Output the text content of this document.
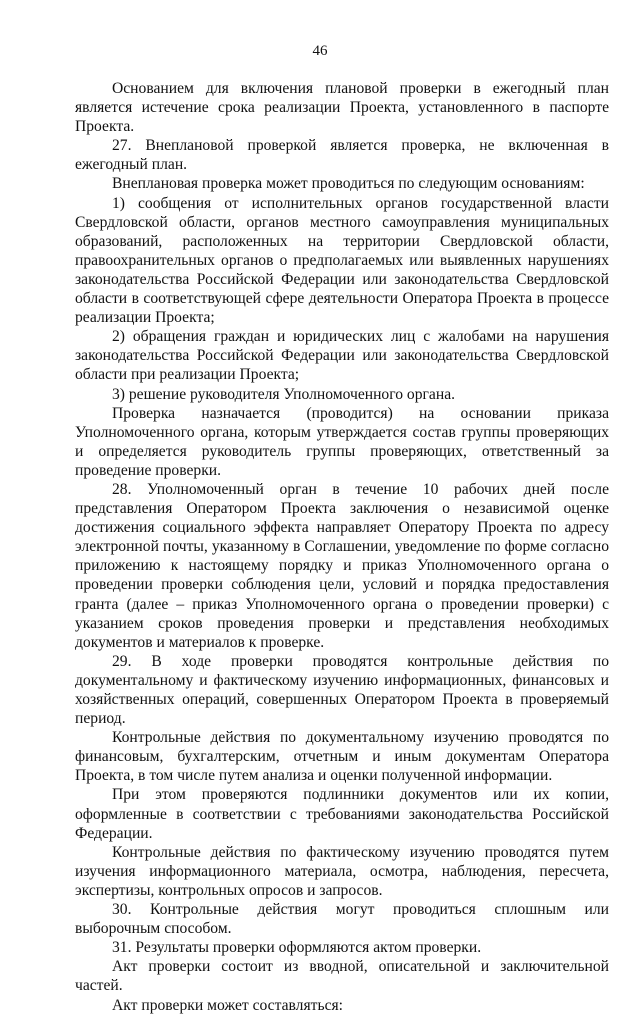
46

Основанием для включения плановой проверки в ежегодный план является истечение срока реализации Проекта, установленного в паспорте Проекта.

27. Внеплановой проверкой является проверка, не включенная в ежегодный план.

Внеплановая проверка может проводиться по следующим основаниям:

1) сообщения от исполнительных органов государственной власти Свердловской области, органов местного самоуправления муниципальных образований, расположенных на территории Свердловской области, правоохранительных органов о предполагаемых или выявленных нарушениях законодательства Российской Федерации или законодательства Свердловской области в соответствующей сфере деятельности Оператора Проекта в процессе реализации Проекта;

2) обращения граждан и юридических лиц с жалобами на нарушения законодательства Российской Федерации или законодательства Свердловской области при реализации Проекта;

3) решение руководителя Уполномоченного органа.

Проверка назначается (проводится) на основании приказа Уполномоченного органа, которым утверждается состав группы проверяющих и определяется руководитель группы проверяющих, ответственный за проведение проверки.

28. Уполномоченный орган в течение 10 рабочих дней после представления Оператором Проекта заключения о независимой оценке достижения социального эффекта направляет Оператору Проекта по адресу электронной почты, указанному в Соглашении, уведомление по форме согласно приложению к настоящему порядку и приказ Уполномоченного органа о проведении проверки соблюдения цели, условий и порядка предоставления гранта (далее – приказ Уполномоченного органа о проведении проверки) с указанием сроков проведения проверки и представления необходимых документов и материалов к проверке.

29. В ходе проверки проводятся контрольные действия по документальному и фактическому изучению информационных, финансовых и хозяйственных операций, совершенных Оператором Проекта в проверяемый период.

Контрольные действия по документальному изучению проводятся по финансовым, бухгалтерским, отчетным и иным документам Оператора Проекта, в том числе путем анализа и оценки полученной информации.

При этом проверяются подлинники документов или их копии, оформленные в соответствии с требованиями законодательства Российской Федерации.

Контрольные действия по фактическому изучению проводятся путем изучения информационного материала, осмотра, наблюдения, пересчета, экспертизы, контрольных опросов и запросов.

30. Контрольные действия могут проводиться сплошным или выборочным способом.

31. Результаты проверки оформляются актом проверки.

Акт проверки состоит из вводной, описательной и заключительной частей.

Акт проверки может составляться:
